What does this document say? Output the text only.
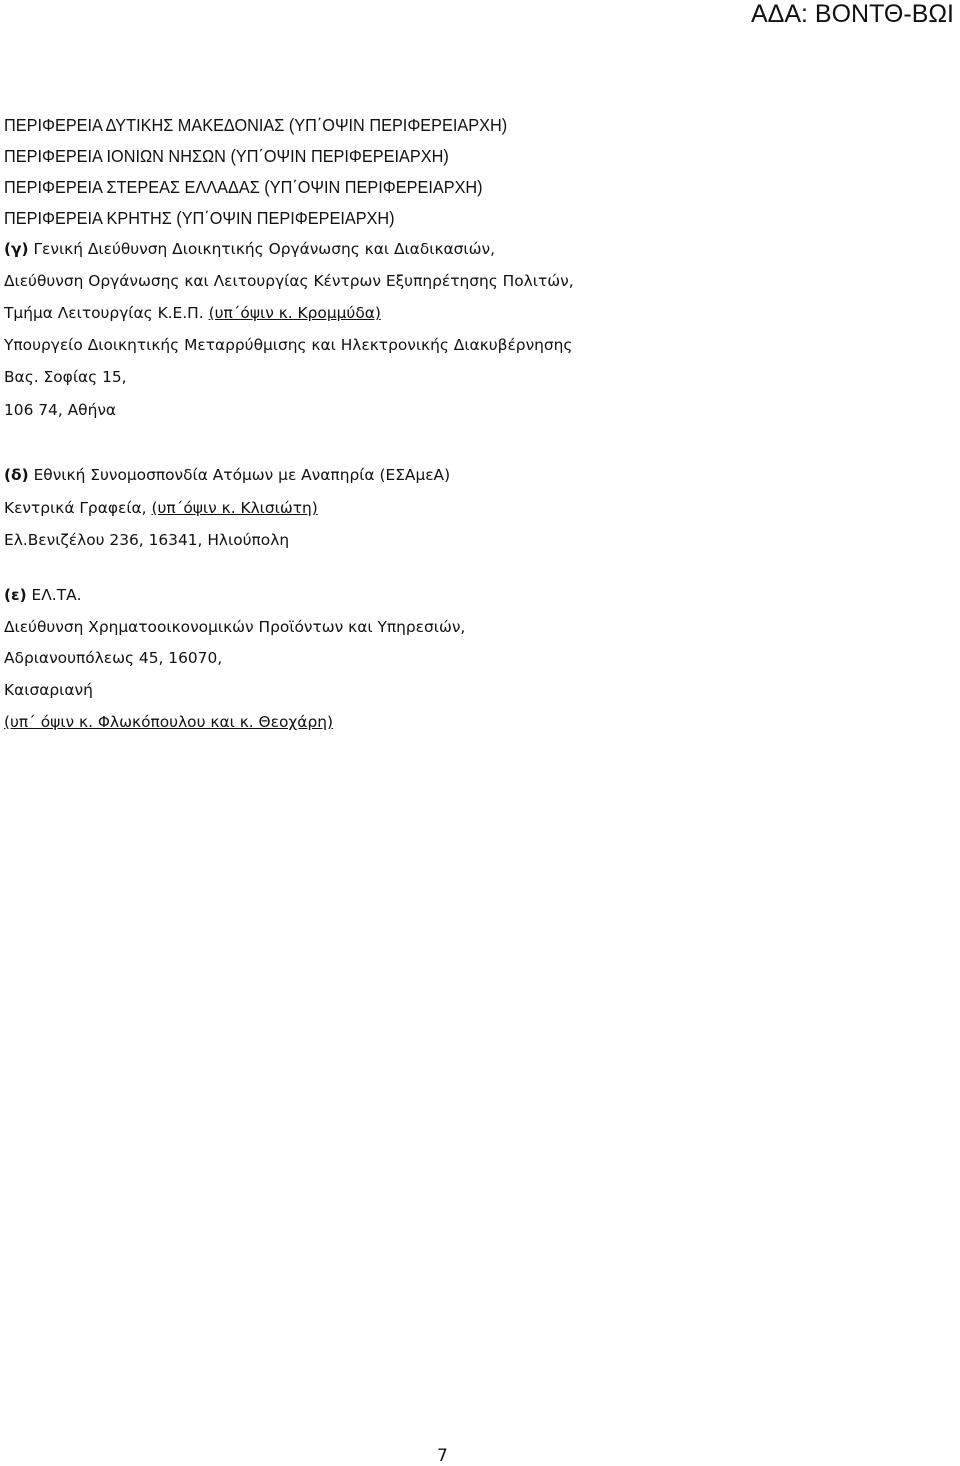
ΑΔΑ: ΒΟΝΤΘ-ΒΩΙ
ΠΕΡΙΦΕΡΕΙΑ ΔΥΤΙΚΗΣ ΜΑΚΕΔΟΝΙΑΣ (ΥΠ΄ΟΨΙΝ ΠΕΡΙΦΕΡΕΙΑΡΧΗ)
ΠΕΡΙΦΕΡΕΙΑ ΙΟΝΙΩΝ ΝΗΣΩΝ (ΥΠ΄ΟΨΙΝ ΠΕΡΙΦΕΡΕΙΑΡΧΗ)
ΠΕΡΙΦΕΡΕΙΑ ΣΤΕΡΕΑΣ ΕΛΛΑΔΑΣ (ΥΠ΄ΟΨΙΝ ΠΕΡΙΦΕΡΕΙΑΡΧΗ)
ΠΕΡΙΦΕΡΕΙΑ ΚΡΗΤΗΣ (ΥΠ΄ΟΨΙΝ ΠΕΡΙΦΕΡΕΙΑΡΧΗ)
(γ) Γενική Διεύθυνση Διοικητικής Οργάνωσης και Διαδικασιών,
Διεύθυνση Οργάνωσης και Λειτουργίας Κέντρων Εξυπηρέτησης Πολιτών,
Τμήμα Λειτουργίας Κ.Ε.Π. (υπ΄όψιν κ. Κρομμύδα)
Υπουργείο Διοικητικής Μεταρρύθμισης και Ηλεκτρονικής Διακυβέρνησης
Βας. Σοφίας 15,
106 74, Αθήνα
(δ) Εθνική Συνομοσπονδία Ατόμων με Αναπηρία (ΕΣΑμεΑ)
Κεντρικά Γραφεία, (υπ΄όψιν κ. Κλισιώτη)
Ελ.Βενιζέλου 236, 16341, Ηλιούπολη
(ε) ΕΛ.ΤΑ.
Διεύθυνση Χρηματοοικονομικών Προϊόντων και Υπηρεσιών,
Αδριανουπόλεως 45, 16070,
Καισαριανή
(υπ΄ όψιν κ. Φλωκόπουλου και κ. Θεοχάρη)
7
